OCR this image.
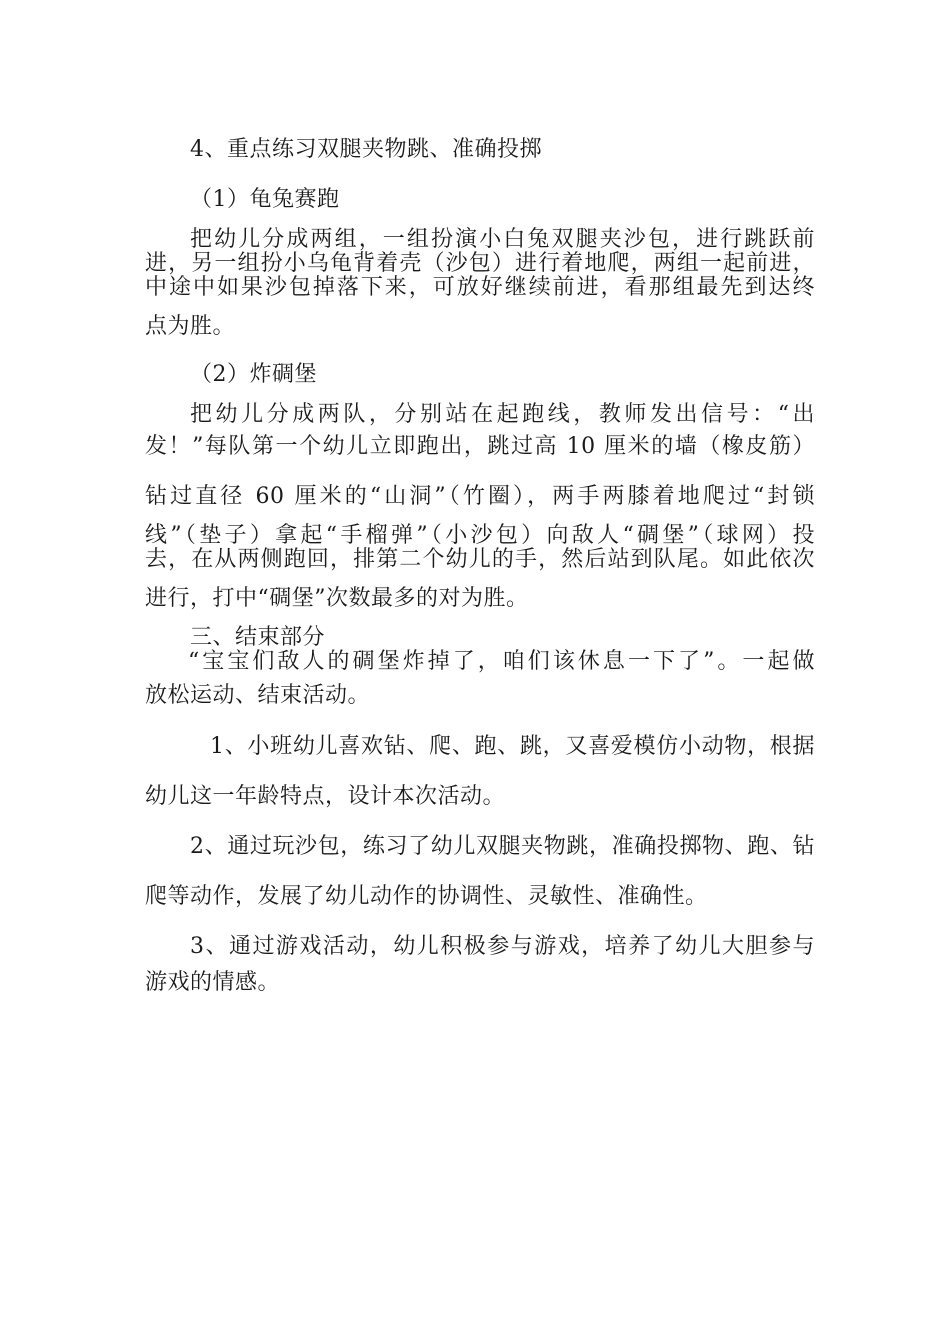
4、重点练习双腿夹物跳、准确投掷
（1）龟兔赛跑
把幼儿分成两组，一组扮演小白兔双腿夹沙包，进行跳跃前
进，另一组扮小乌龟背着壳（沙包）进行着地爬，两组一起前进，
中途中如果沙包掉落下来，可放好继续前进，看那组最先到达终
点为胜。
（2）炸碉堡
把幼儿分成两队，分别站在起跑线，教师发出信号：“出
发！”每队第一个幼儿立即跑出，跳过高 10 厘米的墙（橡皮筋）
钻过直径 60 厘米的“山洞”（竹圈），两手两膝着地爬过“封锁
线”（垫子）拿起“手榴弹”（小沙包）向敌人“碉堡”（球网）投
去，在从两侧跑回，排第二个幼儿的手，然后站到队尾。如此依次
进行，打中“碉堡”次数最多的对为胜。
三、结束部分
“宝宝们敌人的碉堡炸掉了，咱们该休息一下了”。一起做
放松运动、结束活动。
1、小班幼儿喜欢钻、爬、跑、跳，又喜爱模仿小动物，根据
幼儿这一年龄特点，设计本次活动。
2、通过玩沙包，练习了幼儿双腿夹物跳，准确投掷物、跑、钻
爬等动作，发展了幼儿动作的协调性、灵敏性、准确性。
3、通过游戏活动，幼儿积极参与游戏，培养了幼儿大胆参与
游戏的情感。
